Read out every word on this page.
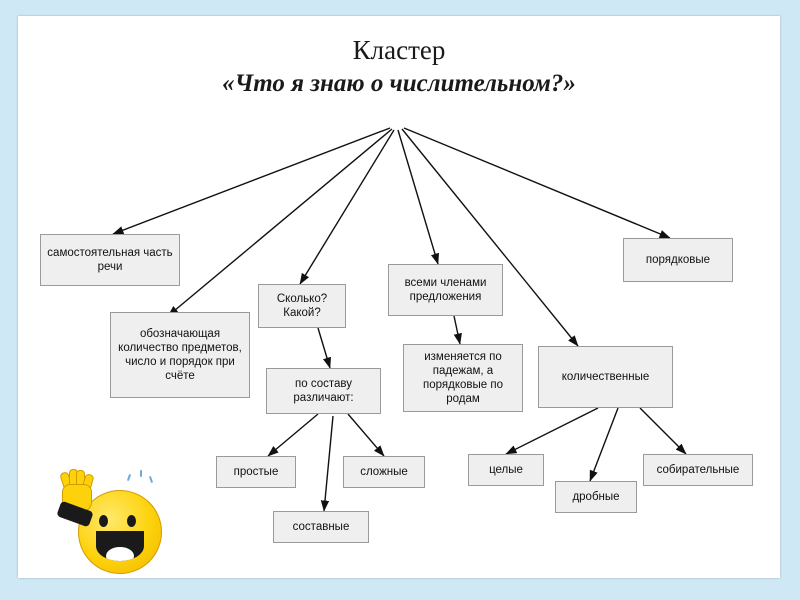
Кластер
«Что я знаю о числительном?»
самостоятельная часть речи
обозначающая количество предметов, число и порядок при счёте
Сколько? Какой?
всеми членами предложения
порядковые
изменяется по падежам, а порядковые по родам
количественные
по составу различают:
простые	сложные
составные
целые
дробные
собирательные
